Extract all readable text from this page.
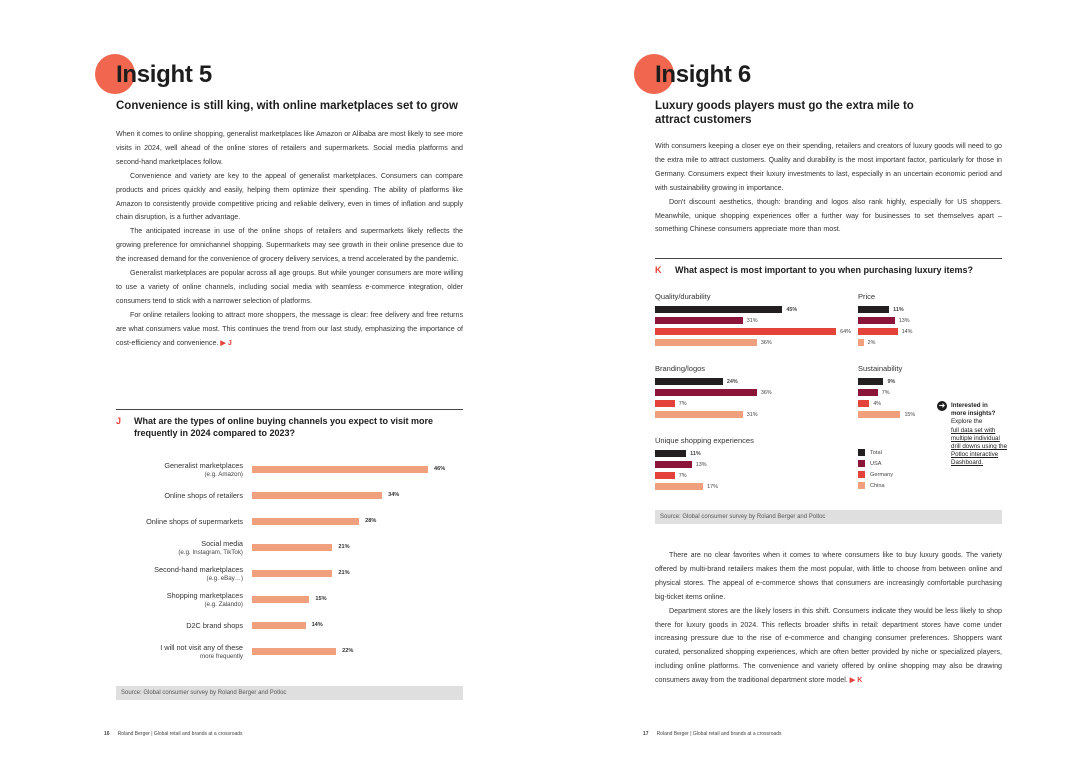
Insight 5
Convenience is still king, with online marketplaces set to grow

When it comes to online shopping, generalist marketplaces like Amazon or Alibaba are most likely to see more visits in 2024, well ahead of the online stores of retailers and supermarkets. Social media platforms and second-hand marketplaces follow.

Convenience and variety are key to the appeal of generalist marketplaces. Consumers can compare products and prices quickly and easily, helping them optimize their spending. The ability of platforms like Amazon to consistently provide competitive pricing and reliable delivery, even in times of inflation and supply chain disruption, is a further advantage.

The anticipated increase in use of the online shops of retailers and supermarkets likely reflects the growing preference for omnichannel shopping. Supermarkets may see growth in their online presence due to the increased demand for the convenience of grocery delivery services, a trend accelerated by the pandemic.

Generalist marketplaces are popular across all age groups. But while younger consumers are more willing to use a variety of online channels, including social media with seamless e-commerce integration, older consumers tend to stick with a narrower selection of platforms.

For online retailers looking to attract more shoppers, the message is clear: free delivery and free returns are what consumers value most. This continues the trend from our last study, emphasizing the importance of cost-efficiency and convenience. ▶ J

J What are the types of online buying channels you expect to visit more frequently in 2024 compared to 2023?
Generalist marketplaces
(e.g. Amazon)
46%
Online shops of retailers	34%
Online shops of supermarkets	28%
Social media
(e.g. Instagram, TikTok)
21%
Second-hand marketplaces
(e.g. eBay…)
21%
Shopping marketplaces
(e.g. Zalando)
15%
D2C brand shops	14%
I will not visit any of these
more frequently
22%
Source: Global consumer survey by Roland Berger and Potloc
16 Roland Berger | Global retail and brands at a crossroads
Insight 6
Luxury goods players must go the extra mile to attract customers

With consumers keeping a closer eye on their spending, retailers and creators of luxury goods will need to go the extra mile to attract customers. Quality and durability is the most important factor, particularly for those in Germany. Consumers expect their luxury investments to last, especially in an uncertain economic period and with sustainability growing in importance.

Don't discount aesthetics, though: branding and logos also rank highly, especially for US shoppers. Meanwhile, unique shopping experiences offer a further way for businesses to set themselves apart – something Chinese consumers appreciate more than most.

K What aspect is most important to you when purchasing luxury items?
Quality/durability
45%
31%
64%
36%
Price
11%
13%
14%
2%
Branding/logos
24%
36%
7%
31%
Sustainability
9%
7%
4%
15%
Unique shopping experiences
11%
13%
7%
17%
Total
USA
Germany
China
➜ Interested in
more insights?
Explore the
full data set with multiple individual drill downs using the Potloc interactive Dashboard.
Source: Global consumer survey by Roland Berger and Potloc

There are no clear favorites when it comes to where consumers like to buy luxury goods. The variety offered by multi-brand retailers makes them the most popular, with little to choose from between online and physical stores. The appeal of e-commerce shows that consumers are increasingly comfortable purchasing big-ticket items online.

Department stores are the likely losers in this shift. Consumers indicate they would be less likely to shop there for luxury goods in 2024. This reflects broader shifts in retail: department stores have come under increasing pressure due to the rise of e-commerce and changing consumer preferences. Shoppers want curated, personalized shopping experiences, which are often better provided by niche or specialized players, including online platforms. The convenience and variety offered by online shopping may also be drawing consumers away from the traditional department store model. ▶ K

17 Roland Berger | Global retail and brands at a crossroads
